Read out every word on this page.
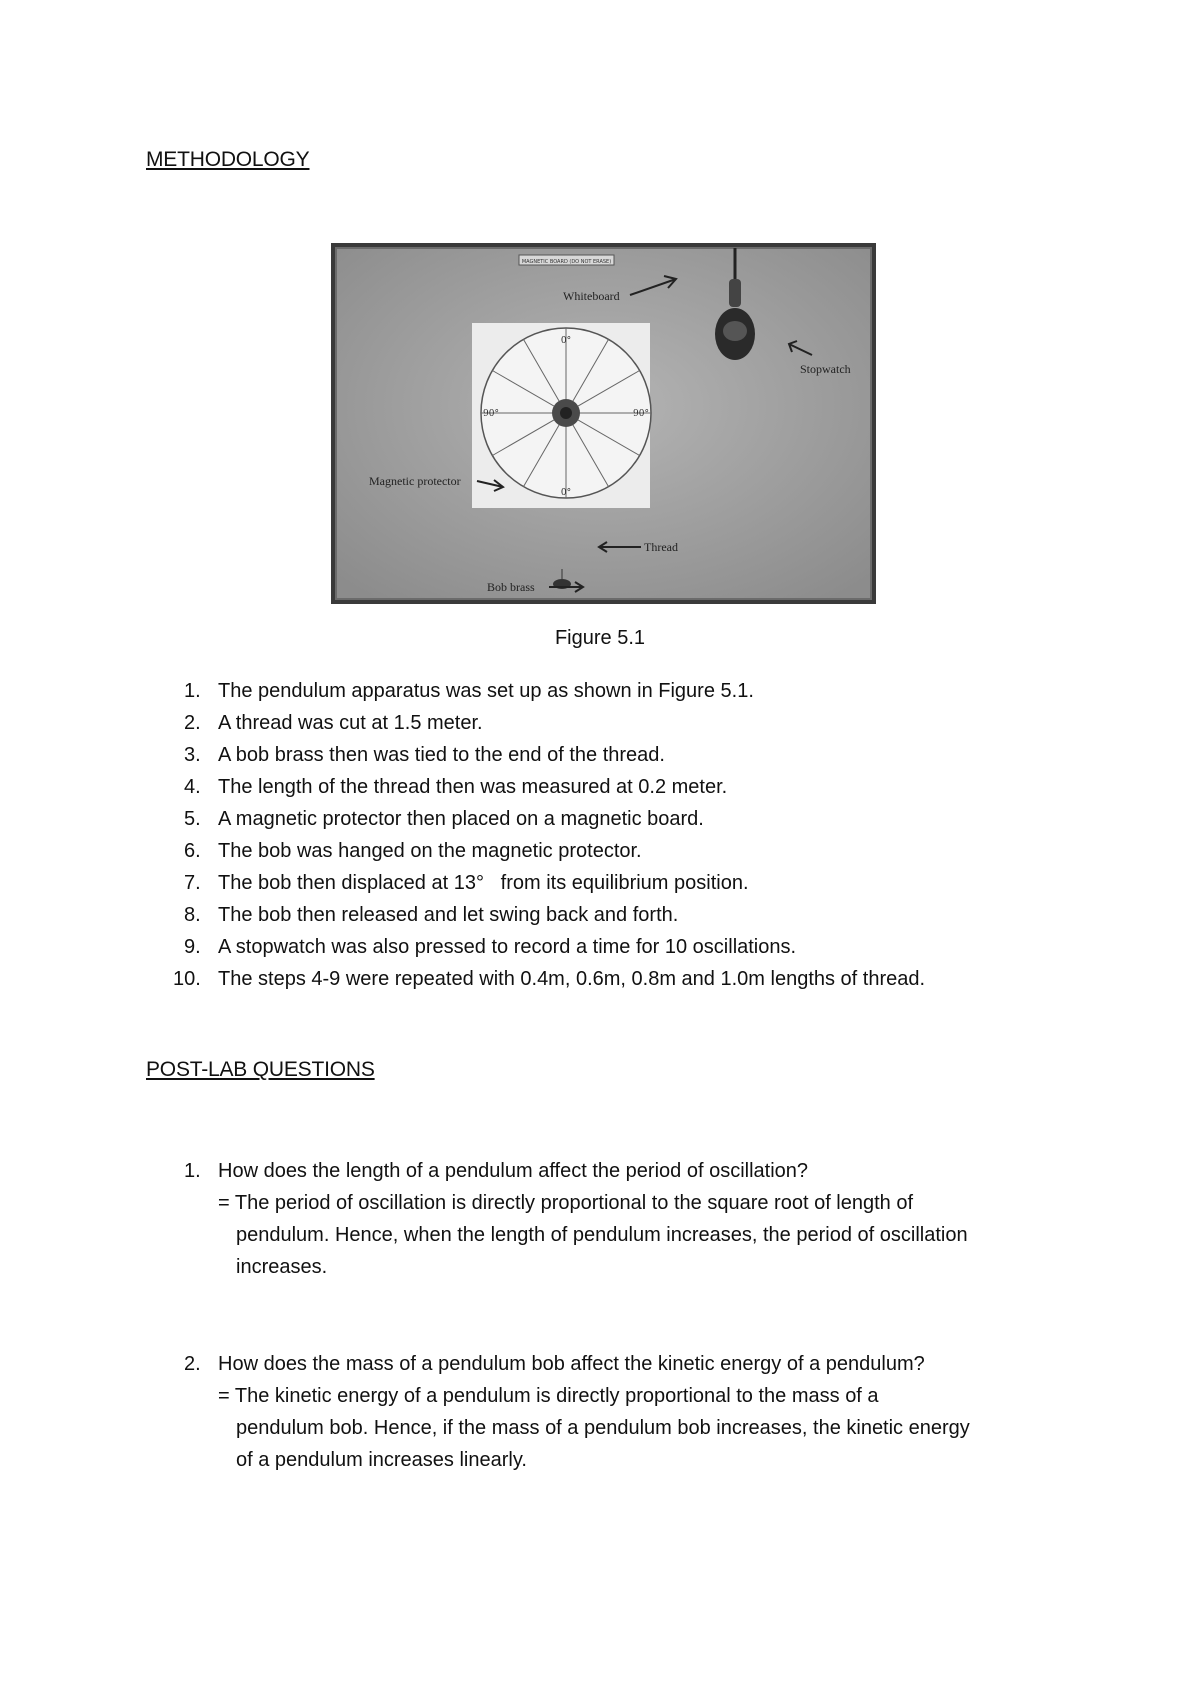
METHODOLOGY
MAGNETIC BOARD (DO NOT ERASE)
0°
0°
90°	90°
Whiteboard
Stopwatch
Magnetic protector
Thread
Bob brass
Figure 5.1
1. The pendulum apparatus was set up as shown in Figure 5.1.
2. A thread was cut at 1.5 meter.
3. A bob brass then was tied to the end of the thread.
4. The length of the thread then was measured at 0.2 meter.
5. A magnetic protector then placed on a magnetic board.
6. The bob was hanged on the magnetic protector.
7. The bob then displaced at 13°   from its equilibrium position.
8. The bob then released and let swing back and forth.
9. A stopwatch was also pressed to record a time for 10 oscillations.
10. The steps 4-9 were repeated with 0.4m, 0.6m, 0.8m and 1.0m lengths of thread.
POST-LAB QUESTIONS
1. How does the length of a pendulum affect the period of oscillation?
= The period of oscillation is directly proportional to the square root of length of
pendulum. Hence, when the length of pendulum increases, the period of oscillation
increases.
2. How does the mass of a pendulum bob affect the kinetic energy of a pendulum?
= The kinetic energy of a pendulum is directly proportional to the mass of a
pendulum bob. Hence, if the mass of a pendulum bob increases, the kinetic energy
of a pendulum increases linearly.
